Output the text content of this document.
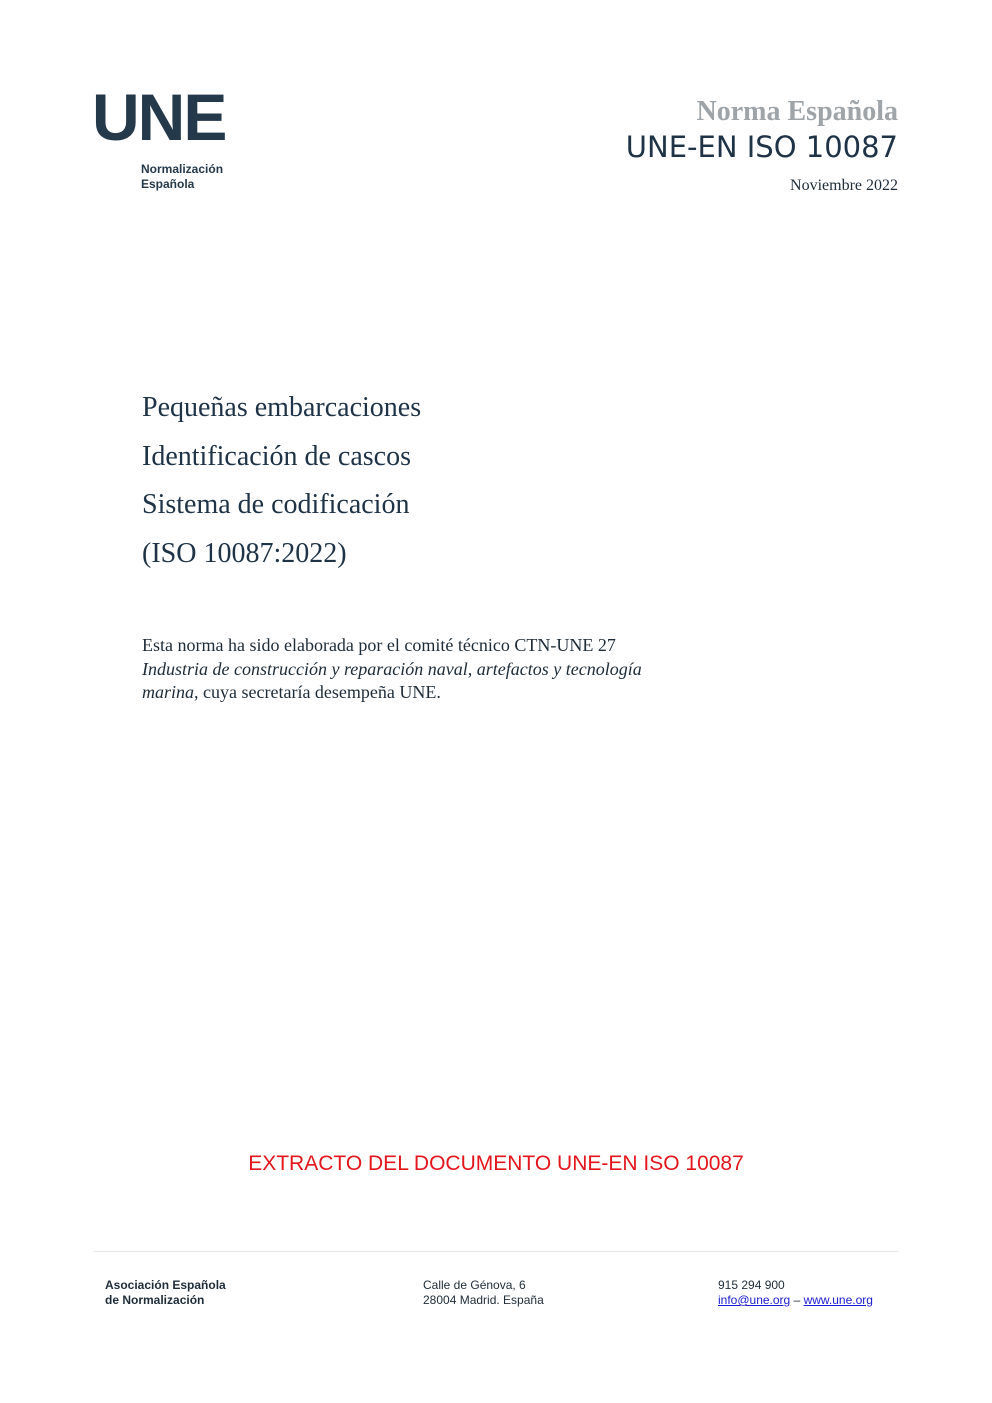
UNE
Normalización
Española
Norma Española
UNE-EN ISO 10087
Noviembre 2022
Pequeñas embarcaciones
Identificación de cascos
Sistema de codificación
(ISO 10087:2022)

Esta norma ha sido elaborada por el comité técnico CTN-UNE 27 Industria de construcción y reparación naval, artefactos y tecnología marina, cuya secretaría desempeña UNE.

EXTRACTO DEL DOCUMENTO UNE-EN ISO 10087
Asociación Española
de Normalización
Calle de Génova, 6
28004 Madrid. España
915 294 900
info@une.org – www.une.org
